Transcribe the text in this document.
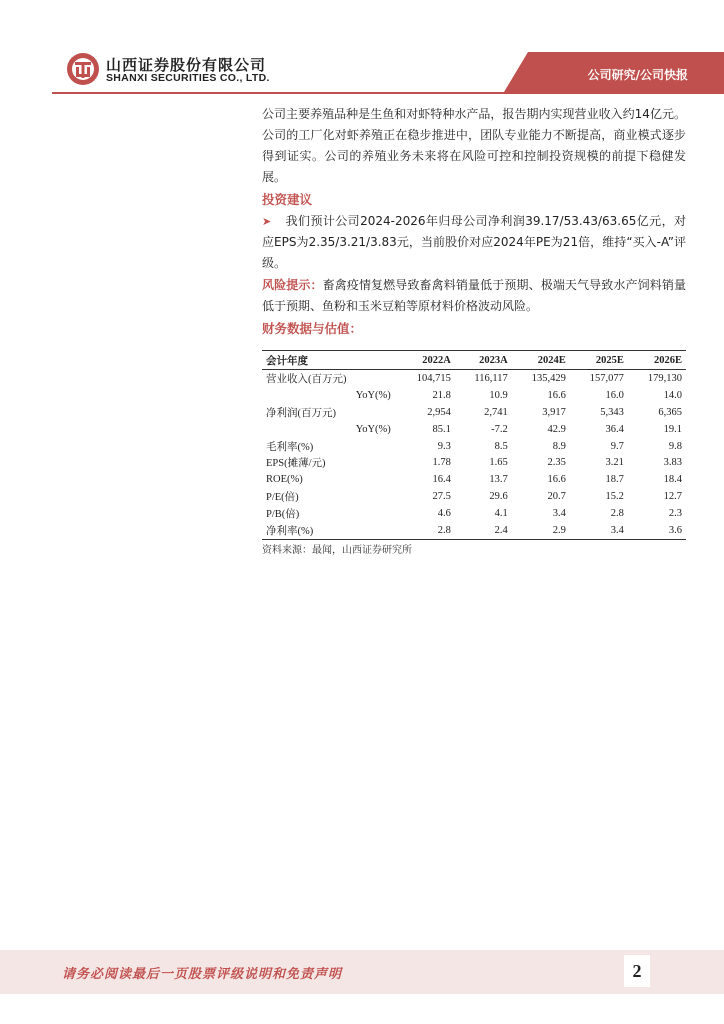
山西证券股份有限公司
SHANXI SECURITIES CO., LTD.	公司研究/公司快报

公司主要养殖品种是生鱼和对虾特种水产品，报告期内实现营业收入约14亿元。公司的工厂化对虾养殖正在稳步推进中，团队专业能力不断提高，商业模式逐步得到证实。公司的养殖业务未来将在风险可控和控制投资规模的前提下稳健发展。

投资建议

➤ 我们预计公司2024-2026年归母公司净利润39.17/53.43/63.65亿元，对应EPS为2.35/3.21/3.83元，当前股价对应2024年PE为21倍，维持“买入-A”评级。

风险提示：畜禽疫情复燃导致畜禽料销量低于预期、极端天气导致水产饲料销量低于预期、鱼粉和玉米豆粕等原材料价格波动风险。

财务数据与估值：

会计年度	2022A	2023A	2024E	2025E	2026E
营业收入(百万元)	104,715	116,117	135,429	157,077	179,130
YoY(%)	21.8	10.9	16.6	16.0	14.0
净利润(百万元)	2,954	2,741	3,917	5,343	6,365
YoY(%)	85.1	-7.2	42.9	36.4	19.1
毛利率(%)	9.3	8.5	8.9	9.7	9.8
EPS(摊薄/元)	1.78	1.65	2.35	3.21	3.83
ROE(%)	16.4	13.7	16.6	18.7	18.4
P/E(倍)	27.5	29.6	20.7	15.2	12.7
P/B(倍)	4.6	4.1	3.4	2.8	2.3
净利率(%)	2.8	2.4	2.9	3.4	3.6
资料来源：最闻，山西证券研究所
请务必阅读最后一页股票评级说明和免责声明	2
